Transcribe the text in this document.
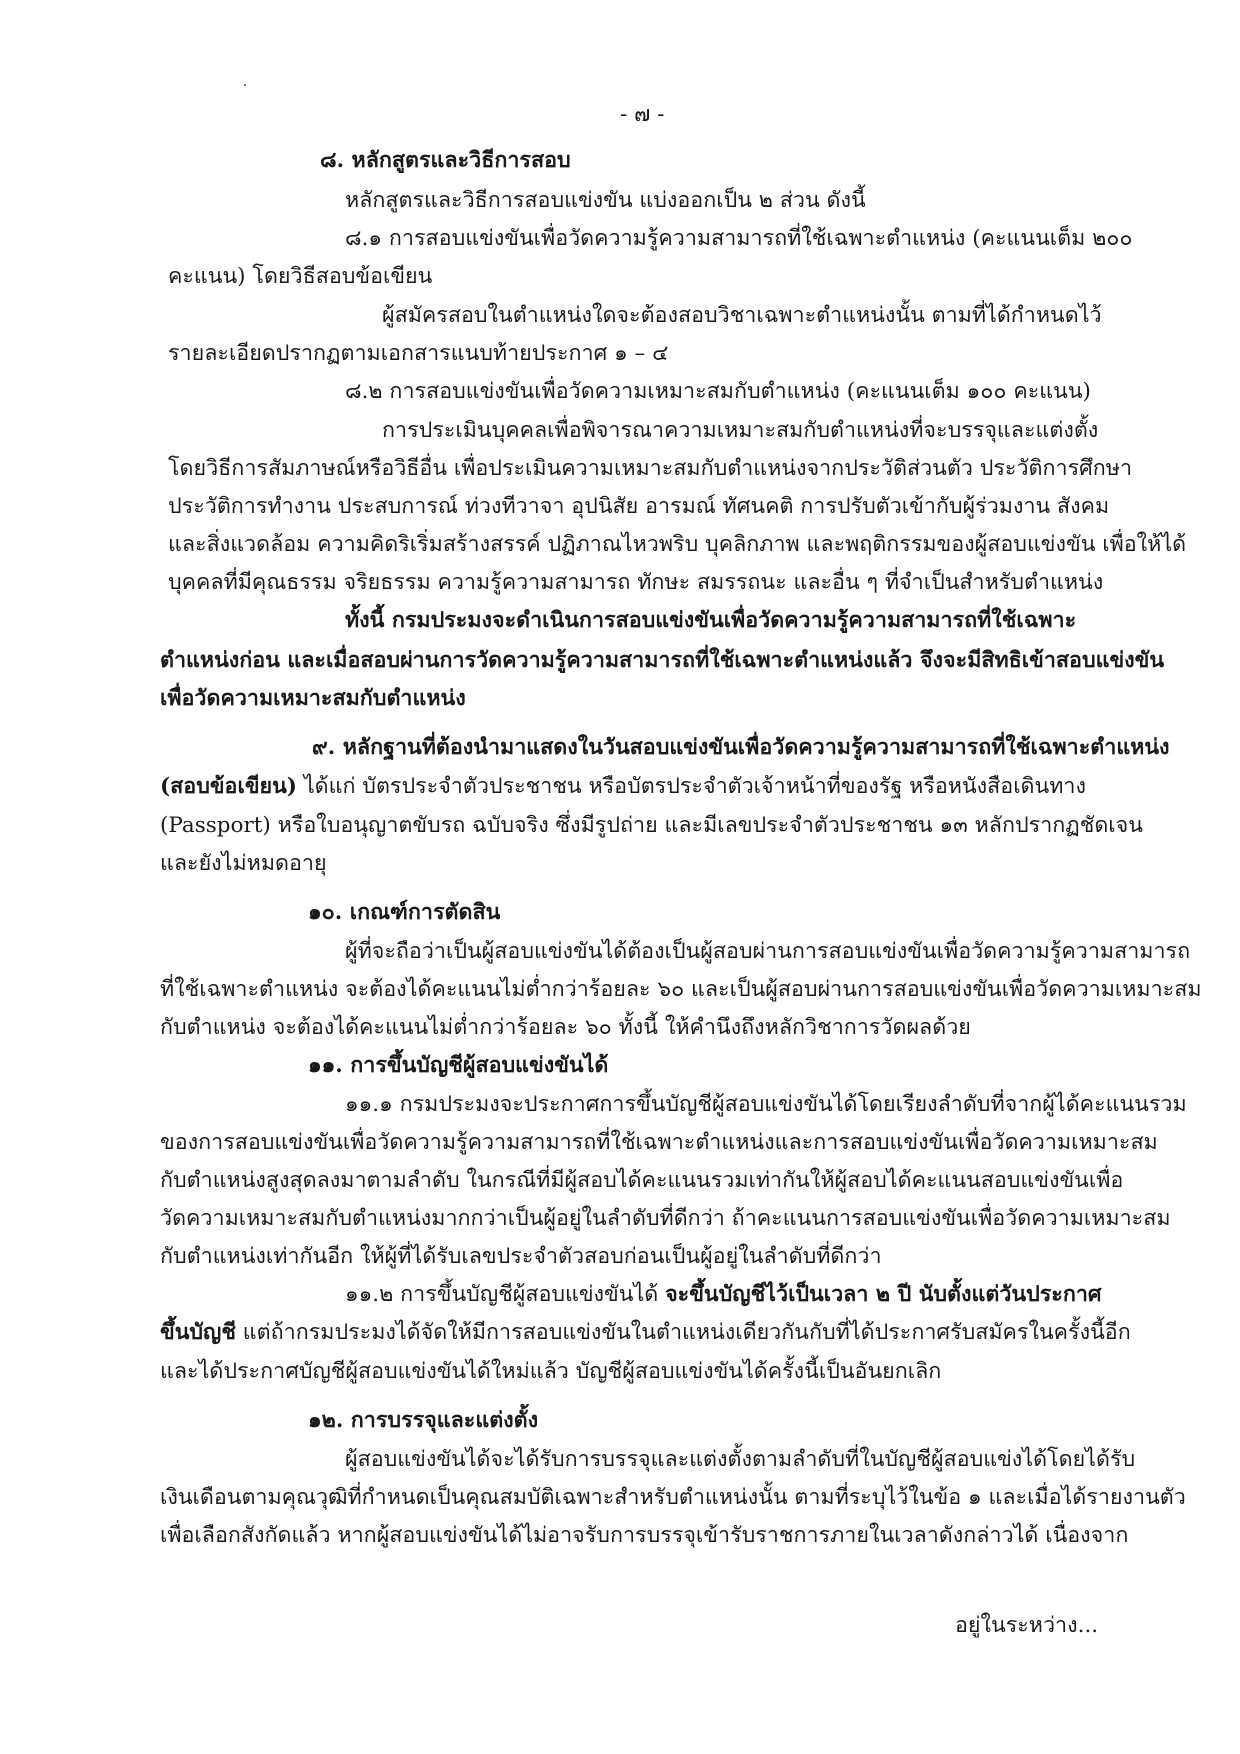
- ๗ -
๘. หลักสูตรและวิธีการสอบ
หลักสูตรและวิธีการสอบแข่งขัน แบ่งออกเป็น ๒ ส่วน ดังนี้
๘.๑ การสอบแข่งขันเพื่อวัดความรู้ความสามารถที่ใช้เฉพาะตำแหน่ง (คะแนนเต็ม ๒๐๐
คะแนน) โดยวิธีสอบข้อเขียน
ผู้สมัครสอบในตำแหน่งใดจะต้องสอบวิชาเฉพาะตำแหน่งนั้น ตามที่ได้กำหนดไว้
รายละเอียดปรากฏตามเอกสารแนบท้ายประกาศ ๑ – ๔
๘.๒ การสอบแข่งขันเพื่อวัดความเหมาะสมกับตำแหน่ง (คะแนนเต็ม ๑๐๐ คะแนน)
การประเมินบุคคลเพื่อพิจารณาความเหมาะสมกับตำแหน่งที่จะบรรจุและแต่งตั้ง
โดยวิธีการสัมภาษณ์หรือวิธีอื่น เพื่อประเมินความเหมาะสมกับตำแหน่งจากประวัติส่วนตัว ประวัติการศึกษา
ประวัติการทำงาน ประสบการณ์ ท่วงทีวาจา อุปนิสัย อารมณ์ ทัศนคติ การปรับตัวเข้ากับผู้ร่วมงาน สังคม
และสิ่งแวดล้อม ความคิดริเริ่มสร้างสรรค์ ปฏิภาณไหวพริบ บุคลิกภาพ และพฤติกรรมของผู้สอบแข่งขัน เพื่อให้ได้
บุคคลที่มีคุณธรรม จริยธรรม ความรู้ความสามารถ ทักษะ สมรรถนะ และอื่น ๆ ที่จำเป็นสำหรับตำแหน่ง
ทั้งนี้ กรมประมงจะดำเนินการสอบแข่งขันเพื่อวัดความรู้ความสามารถที่ใช้เฉพาะ
ตำแหน่งก่อน และเมื่อสอบผ่านการวัดความรู้ความสามารถที่ใช้เฉพาะตำแหน่งแล้ว จึงจะมีสิทธิเข้าสอบแข่งขัน
เพื่อวัดความเหมาะสมกับตำแหน่ง
๙. หลักฐานที่ต้องนำมาแสดงในวันสอบแข่งขันเพื่อวัดความรู้ความสามารถที่ใช้เฉพาะตำแหน่ง
(สอบข้อเขียน) ได้แก่ บัตรประจำตัวประชาชน หรือบัตรประจำตัวเจ้าหน้าที่ของรัฐ หรือหนังสือเดินทาง
(Passport) หรือใบอนุญาตขับรถ ฉบับจริง ซึ่งมีรูปถ่าย และมีเลขประจำตัวประชาชน ๑๓ หลักปรากฏชัดเจน
และยังไม่หมดอายุ
๑๐. เกณฑ์การตัดสิน
ผู้ที่จะถือว่าเป็นผู้สอบแข่งขันได้ต้องเป็นผู้สอบผ่านการสอบแข่งขันเพื่อวัดความรู้ความสามารถ
ที่ใช้เฉพาะตำแหน่ง จะต้องได้คะแนนไม่ต่ำกว่าร้อยละ ๖๐ และเป็นผู้สอบผ่านการสอบแข่งขันเพื่อวัดความเหมาะสม
กับตำแหน่ง จะต้องได้คะแนนไม่ต่ำกว่าร้อยละ ๖๐ ทั้งนี้ ให้คำนึงถึงหลักวิชาการวัดผลด้วย
๑๑. การขึ้นบัญชีผู้สอบแข่งขันได้
๑๑.๑ กรมประมงจะประกาศการขึ้นบัญชีผู้สอบแข่งขันได้โดยเรียงลำดับที่จากผู้ได้คะแนนรวม
ของการสอบแข่งขันเพื่อวัดความรู้ความสามารถที่ใช้เฉพาะตำแหน่งและการสอบแข่งขันเพื่อวัดความเหมาะสม
กับตำแหน่งสูงสุดลงมาตามลำดับ ในกรณีที่มีผู้สอบได้คะแนนรวมเท่ากันให้ผู้สอบได้คะแนนสอบแข่งขันเพื่อ
วัดความเหมาะสมกับตำแหน่งมากกว่าเป็นผู้อยู่ในลำดับที่ดีกว่า ถ้าคะแนนการสอบแข่งขันเพื่อวัดความเหมาะสม
กับตำแหน่งเท่ากันอีก ให้ผู้ที่ได้รับเลขประจำตัวสอบก่อนเป็นผู้อยู่ในลำดับที่ดีกว่า
๑๑.๒ การขึ้นบัญชีผู้สอบแข่งขันได้ จะขึ้นบัญชีไว้เป็นเวลา ๒ ปี นับตั้งแต่วันประกาศ
ขึ้นบัญชี แต่ถ้ากรมประมงได้จัดให้มีการสอบแข่งขันในตำแหน่งเดียวกันกับที่ได้ประกาศรับสมัครในครั้งนี้อีก
และได้ประกาศบัญชีผู้สอบแข่งขันได้ใหม่แล้ว บัญชีผู้สอบแข่งขันได้ครั้งนี้เป็นอันยกเลิก
๑๒. การบรรจุและแต่งตั้ง
ผู้สอบแข่งขันได้จะได้รับการบรรจุและแต่งตั้งตามลำดับที่ในบัญชีผู้สอบแข่งได้โดยได้รับ
เงินเดือนตามคุณวุฒิที่กำหนดเป็นคุณสมบัติเฉพาะสำหรับตำแหน่งนั้น ตามที่ระบุไว้ในข้อ ๑ และเมื่อได้รายงานตัว
เพื่อเลือกสังกัดแล้ว หากผู้สอบแข่งขันได้ไม่อาจรับการบรรจุเข้ารับราชการภายในเวลาดังกล่าวได้ เนื่องจาก
อยู่ในระหว่าง...
